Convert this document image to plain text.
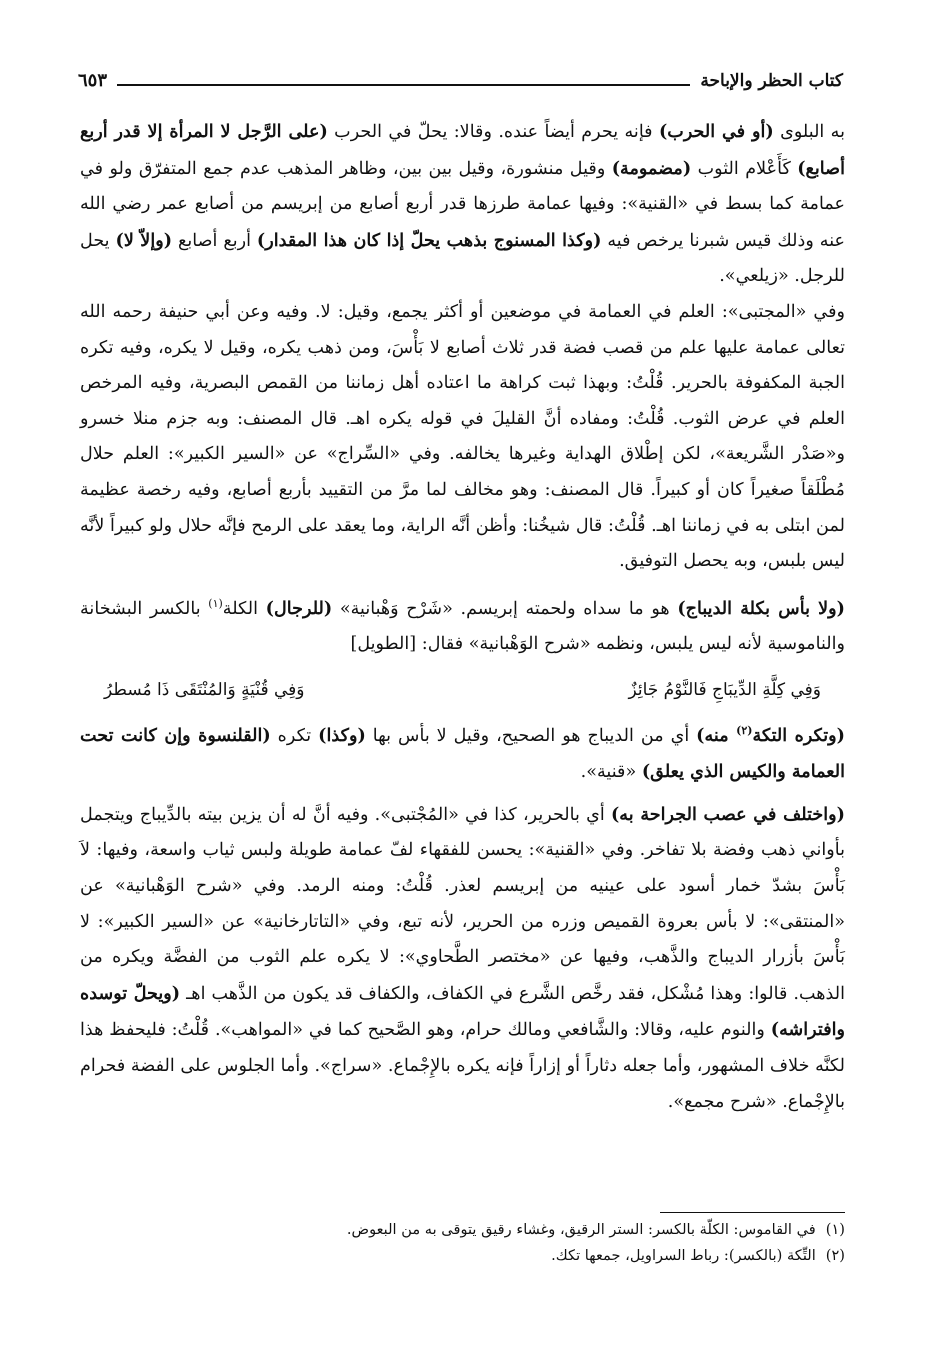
كتاب الحظر والإباحة
٦٥٣

به البلوى (أو في الحرب) فإنه يحرم أيضاً عنده. وقالا: يحلّ في الحرب (على الرَّجل لا المرأة إلا قدر أربع أصابع) كَأَعْلام الثوب (مضمومة) وقيل منشورة، وقيل بين بين، وظاهر المذهب عدم جمع المتفرّق ولو في عمامة كما بسط في «القنية»: وفيها عمامة طرزها قدر أربع أصابع من إبريسم من أصابع عمر رضي الله عنه وذلك قيس شبرنا يرخص فيه (وكذا المسنوج بذهب يحلّ إذا كان هذا المقدار) أربع أصابع (وإلاّ لا) يحل للرجل. «زيلعي».

وفي «المجتبى»: العلم في العمامة في موضعين أو أكثر يجمع، وقيل: لا. وفيه وعن أبي حنيفة رحمه الله تعالى عمامة عليها علم من قصب فضة قدر ثلاث أصابع لا بَأْسَ، ومن ذهب يكره، وقيل لا يكره، وفيه تكره الجبة المكفوفة بالحرير. قُلْتُ: وبهذا ثبت كراهة ما اعتاده أهل زماننا من القمص البصرية، وفيه المرخص العلم في عرض الثوب. قُلْتُ: ومفاده أنَّ القليلَ في قوله يكره اهـ. قال المصنف: وبه جزم منلا خسرو و«صَدْر الشَّريعة»، لكن إطْلاق الهداية وغيرها يخالفه. وفي «السِّراج» عن «السير الكبير»: العلم حلال مُطْلَقاً صغيراً كان أو كبيراً. قال المصنف: وهو مخالف لما مرَّ من التقييد بأربع أصابع، وفيه رخصة عظيمة لمن ابتلى به في زماننا اهـ. قُلْتُ: قال شيخُنا: وأظن أنَّه الراية، وما يعقد على الرمح فإنَّه حلال ولو كبيراً لأنَّه ليس بلبس، وبه يحصل التوفيق.

(ولا بأس بكلة الديباج) هو ما سداه ولحمته إبريسم. «شَرْح وَهْبانية» (للرجال) الكلة$^{(١)}$ بالكسر البشخانة والناموسية لأنه ليس يلبس، ونظمه «شرح الوَهْبانية» فقال: [الطويل]

وَفِي كِلَّةِ الدِّيبَاجِ فَالنَّوْمُ جَائِزٌ
وَفِي قُنْيَةٍ وَالمُنْتَقَى ذَا مُسطرُ

(وتكره التكة$^{(٢)}$ منه) أي من الديباج هو الصحيح، وقيل لا بأس بها (وكذا) تكره (القلنسوة وإن كانت تحت العمامة والكيس الذي يعلق) «قنية».

(واختلف في عصب الجراحة به) أي بالحرير، كذا في «المُجْتبى». وفيه أنَّ له أن يزين بيته بالدِّيباج ويتجمل بأواني ذهب وفضة بلا تفاخر. وفي «القنية»: يحسن للفقهاء لفّ عمامة طويلة ولبس ثياب واسعة، وفيها: لاَ بَأْسَ بشدّ خمار أسود على عينيه من إبريسم لعذر. قُلْتُ: ومنه الرمد. وفي «شرح الوَهْبانية» عن «المنتقى»: لا بأس بعروة القميص وزره من الحرير، لأنه تبع، وفي «التاتارخانية» عن «السير الكبير»: لا بَأْسَ بأزرار الديباج والذَّهب، وفيها عن «مختصر الطَّحاوي»: لا يكره علم الثوب من الفضَّة ويكره من الذهب. قالوا: وهذا مُشْكل، فقد رخَّص الشَّرع في الكفاف، والكفاف قد يكون من الذَّهب اهـ (ويحلّ توسده وافتراشه) والنوم عليه، وقالا: والشَّافعي ومالك حرام، وهو الصَّحيح كما في «المواهب». قُلْتُ: فليحفظ هذا لكنَّه خلاف المشهور، وأما جعله دثاراً أو إزاراً فإنه يكره بالإِجْماع. «سراج». وأما الجلوس على الفضة فحرام بالإِجْماع. «شرح مجمع».

(١)
في القاموس: الكلّة بالكسر: الستر الرقيق، وغشاء رقيق يتوقى به من البعوض.
(٢)
التِّكة (بالكسر): رباط السراويل، جمعها تكك.
